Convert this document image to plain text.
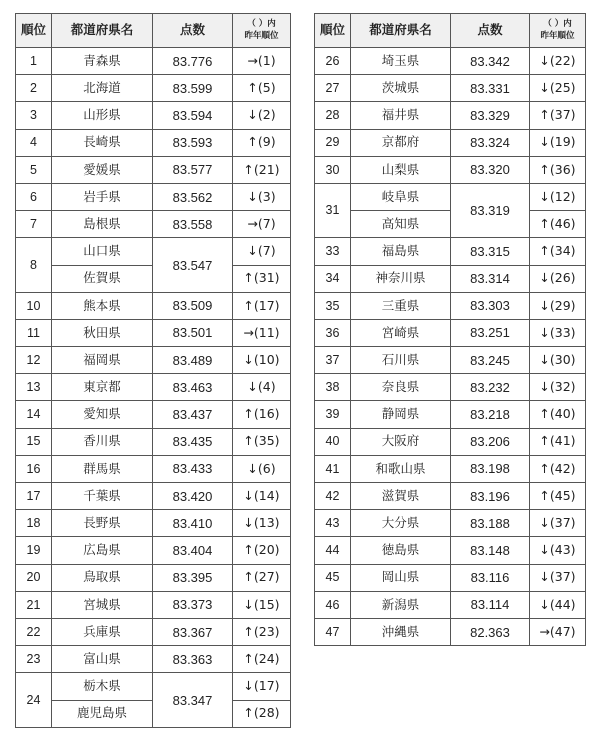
順位	都道府県名	点数	（ ）内
昨年順位
1	青森県	83.776	→(1)
2	北海道	83.599	↑(5)
3	山形県	83.594	↓(2)
4	長崎県	83.593	↑(9)
5	愛媛県	83.577	↑(21)
6	岩手県	83.562	↓(3)
7	島根県	83.558	→(7)
8	山口県	83.547	↓(7)
	佐賀県		↑(31)
10	熊本県	83.509	↑(17)
11	秋田県	83.501	→(11)
12	福岡県	83.489	↓(10)
13	東京都	83.463	↓(4)
14	愛知県	83.437	↑(16)
15	香川県	83.435	↑(35)
16	群馬県	83.433	↓(6)
17	千葉県	83.420	↓(14)
18	長野県	83.410	↓(13)
19	広島県	83.404	↑(20)
20	鳥取県	83.395	↑(27)
21	宮城県	83.373	↓(15)
22	兵庫県	83.367	↑(23)
23	富山県	83.363	↑(24)
24	栃木県	83.347	↓(17)
	鹿児島県		↑(28)
順位	都道府県名	点数	（ ）内
昨年順位
26	埼玉県	83.342	↓(22)
27	茨城県	83.331	↓(25)
28	福井県	83.329	↑(37)
29	京都府	83.324	↓(19)
30	山梨県	83.320	↑(36)
31	岐阜県	83.319	↓(12)
	高知県		↑(46)
33	福島県	83.315	↑(34)
34	神奈川県	83.314	↓(26)
35	三重県	83.303	↓(29)
36	宮崎県	83.251	↓(33)
37	石川県	83.245	↓(30)
38	奈良県	83.232	↓(32)
39	静岡県	83.218	↑(40)
40	大阪府	83.206	↑(41)
41	和歌山県	83.198	↑(42)
42	滋賀県	83.196	↑(45)
43	大分県	83.188	↓(37)
44	徳島県	83.148	↓(43)
45	岡山県	83.116	↓(37)
46	新潟県	83.114	↓(44)
47	沖縄県	82.363	→(47)
